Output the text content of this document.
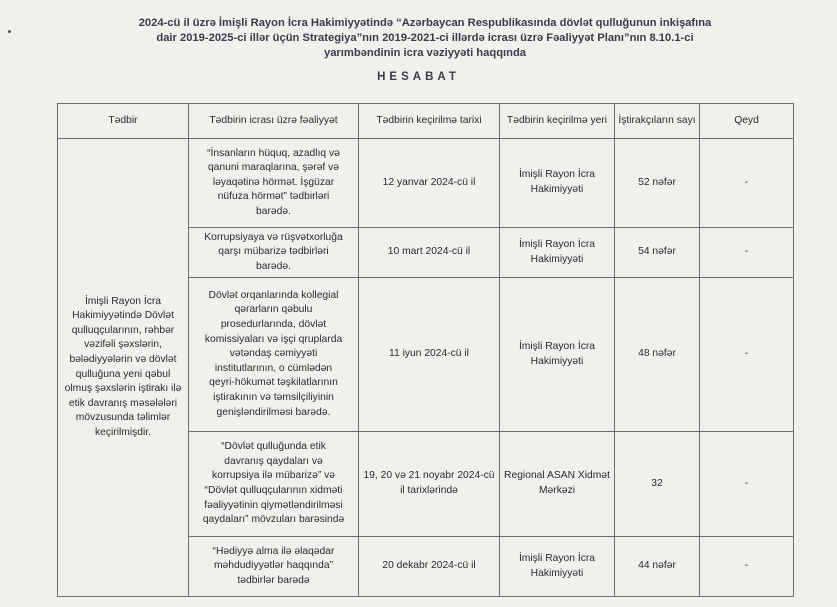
2024-cü il üzrə İmişli Rayon İcra Hakimiyyətində “Azərbaycan Respublikasında dövlət qulluğunun inkişafına
dair 2019-2025-ci illər üçün Strategiya”nın 2019-2021-ci illərdə icrası üzrə Fəaliyyət Planı”nın 8.10.1-ci
yarımbəndinin icra vəziyyəti haqqında
HESABAT
Tədbir	Tədbirin icrası üzrə fəaliyyət	Tədbirin keçirilmə tarixi	Tədbirin keçirilmə yeri	İştirakçıların sayı	Qeyd
İmişli Rayon İcra Hakimiyyətində Dövlət qulluqçularının, rəhbər vəzifəli şəxslərin, bələdiyyələrin və dövlət qulluğuna yeni qəbul olmuş şəxslərin iştirakı ilə etik davranış məsələləri mövzusunda təlimlər keçirilmişdir.	“İnsanların hüquq, azadlıq və qanuni maraqlarına, şərəf və ləyaqətinə hörmət. İşgüzar nüfuza hörmət” tədbirləri barədə.	12 yanvar 2024-cü il	İmişli Rayon İcra Hakimiyyəti	52 nəfər	-
	Korrupsiyaya və rüşvətxorluğa qarşı mübarizə tədbirləri barədə.	10 mart 2024-cü il	İmişli Rayon İcra Hakimiyyəti	54 nəfər	-
	Dövlət orqanlarında kollegial qərarların qəbulu prosedurlarında, dövlət komissiyaları və işçi qruplarda vətəndaş cəmiyyəti institutlarının, o cümlədən qeyri-hökumət təşkilatlarının iştirakının və təmsilçiliyinin genişləndirilməsi barədə.	11 iyun 2024-cü il	İmişli Rayon İcra Hakimiyyəti	48 nəfər	-
	“Dövlət qulluğunda etik davranış qaydaları və korrupsiya ilə mübarizə” və “Dövlət qulluqçularının xidməti fəaliyyətinin qiymətləndirilməsi qaydaları” mövzuları barəsində	19, 20 və 21 noyabr 2024-cü il tarixlərində	Regional ASAN Xidmət Mərkəzi	32	-
	“Hədiyyə alma ilə əlaqədar məhdudiyyətlər haqqında” tədbirlər barədə	20 dekabr 2024-cü il	İmişli Rayon İcra Hakimiyyəti	44 nəfər	-
